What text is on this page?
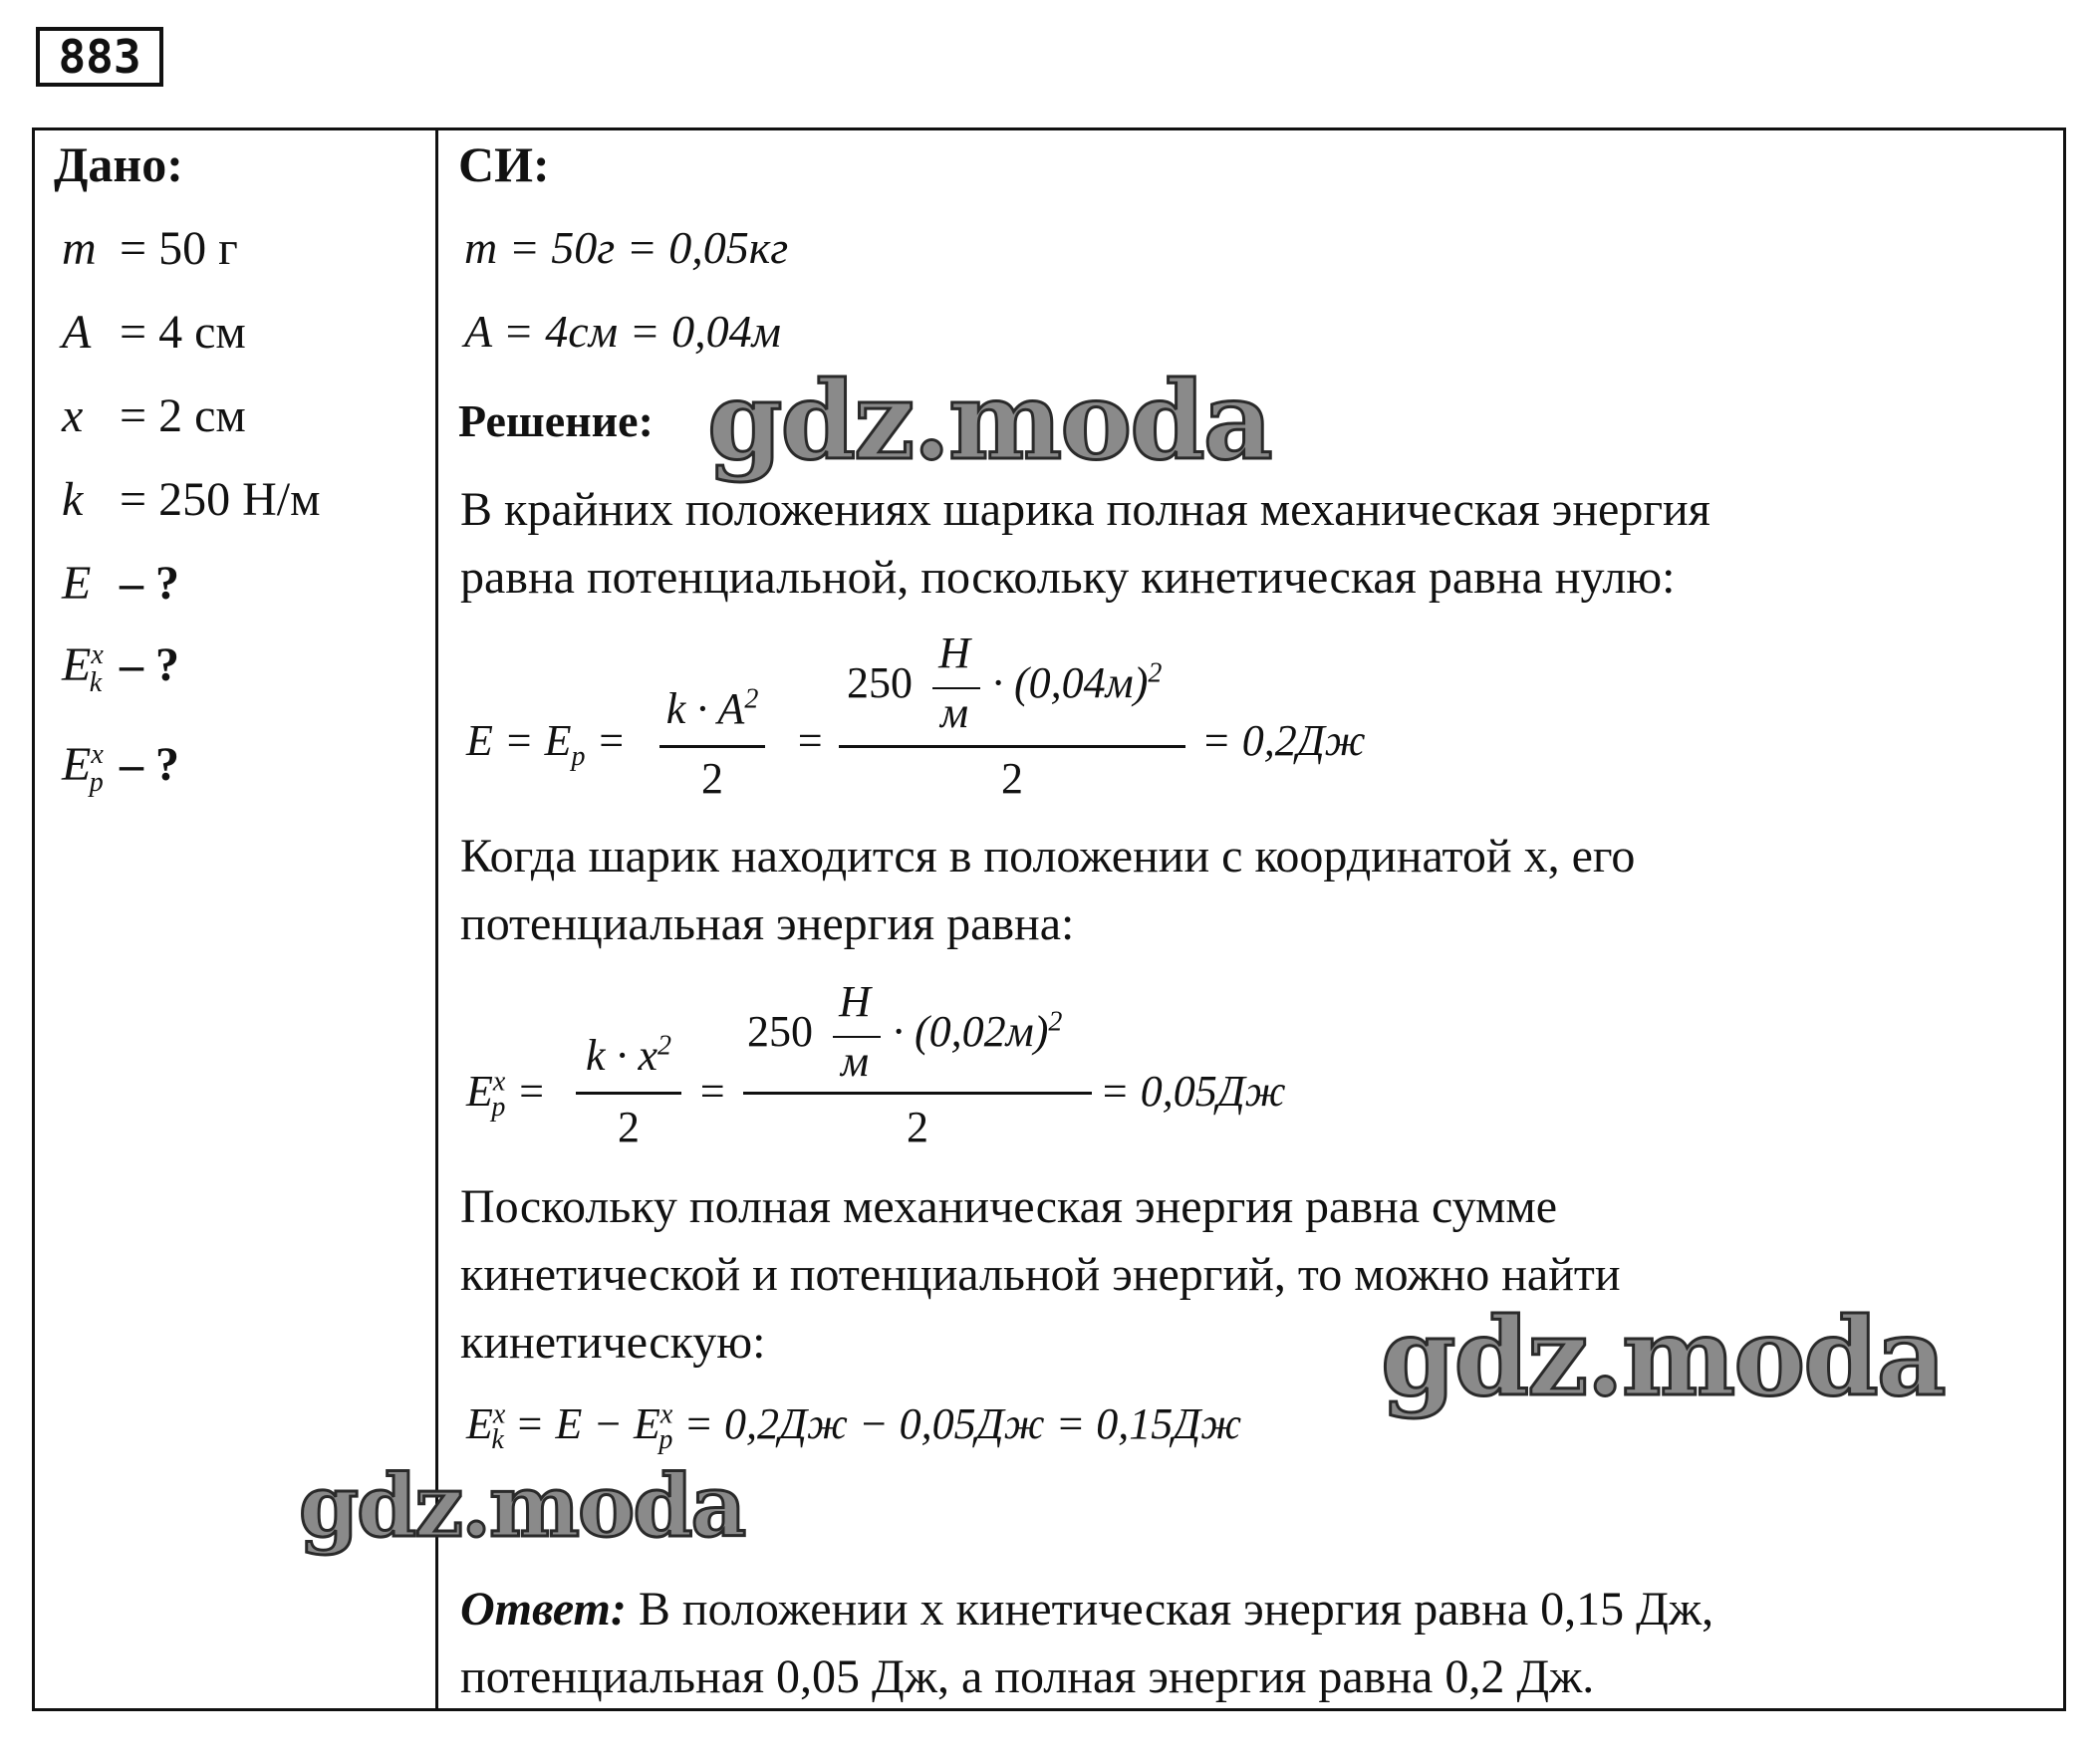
883
Дано:
m = 50 г
A = 4 см
x = 2 см
k = 250 Н/м
E – ?
$E^x_k$ – ?
$E^x_p$ – ?
СИ:
m = 50г = 0,05кг
A = 4см = 0,04м
Решение:
В крайних положениях шарика полная механическая энергия
равна потенциальной, поскольку кинетическая равна нулю:
$E = E_p$ =
$k \cdot A^2$
2
=
250
Н
м
· $(0,04м)^2$
2
= 0,2Дж
Когда шарик находится в положении с координатой x, его
потенциальная энергия равна:
$E^x_p$ =
$k \cdot x^2$
2
=
250
Н
м
· $(0,02м)^2$
2
= 0,05Дж
Поскольку полная механическая энергия равна сумме
кинетической и потенциальной энергий, то можно найти
кинетическую:
$E^x_k = E - E^x_p = 0,2Дж - 0,05Дж = 0,15Дж$
Ответ: В положении x кинетическая энергия равна 0,15 Дж,
потенциальная 0,05 Дж, а полная энергия равна 0,2 Дж.
gdz.moda
gdz.moda
gdz.moda
